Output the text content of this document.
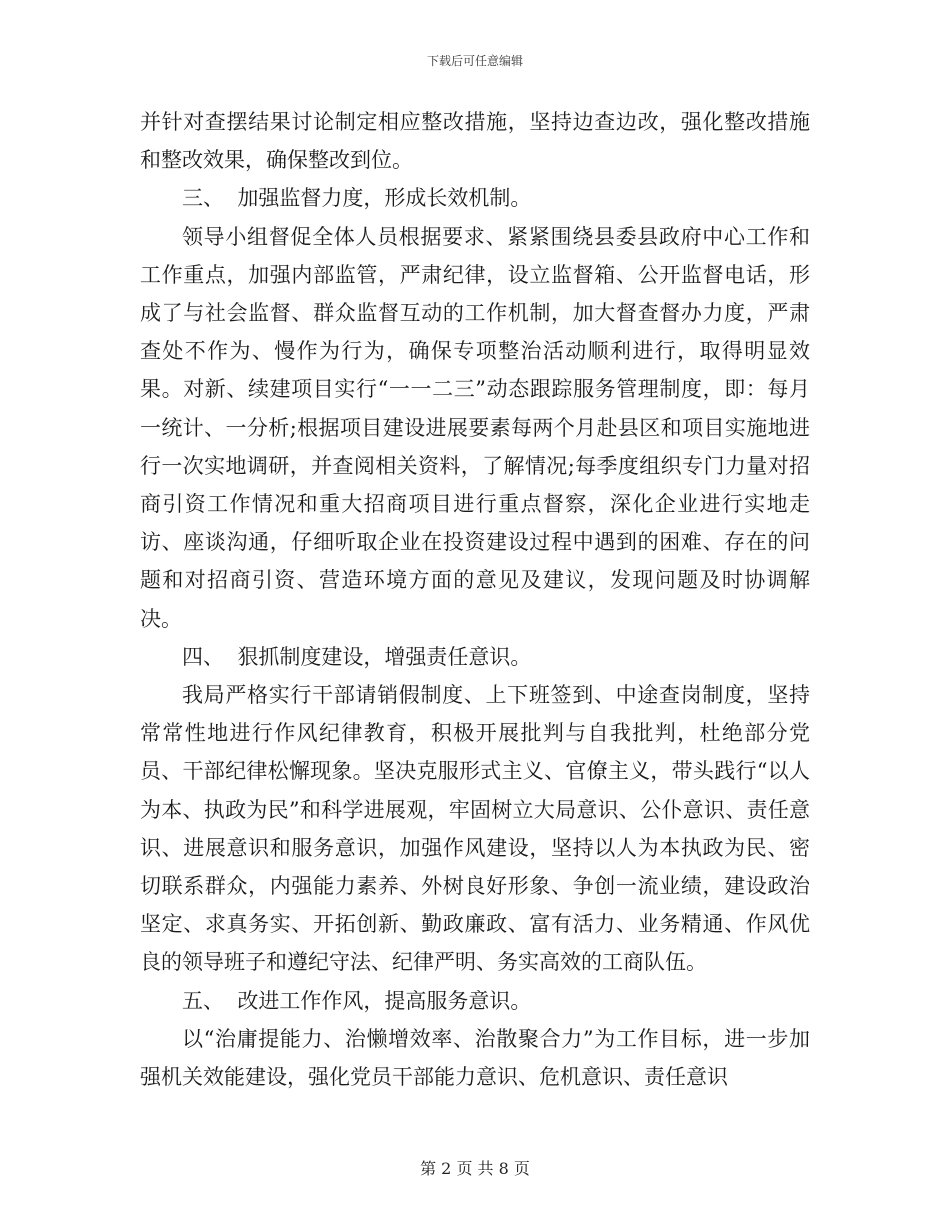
下载后可任意编辑

并针对查摆结果讨论制定相应整改措施，坚持边查边改，强化整改措施和整改效果，确保整改到位。

三、  加强监督力度，形成长效机制。

领导小组督促全体人员根据要求、紧紧围绕县委县政府中心工作和工作重点，加强内部监管，严肃纪律，设立监督箱、公开监督电话，形成了与社会监督、群众监督互动的工作机制，加大督查督办力度，严肃查处不作为、慢作为行为，确保专项整治活动顺利进行，取得明显效果。对新、续建项目实行“一一二三”动态跟踪服务管理制度，即：每月一统计、一分析;根据项目建设进展要素每两个月赴县区和项目实施地进行一次实地调研，并查阅相关资料，了解情况;每季度组织专门力量对招商引资工作情况和重大招商项目进行重点督察，深化企业进行实地走访、座谈沟通，仔细听取企业在投资建设过程中遇到的困难、存在的问题和对招商引资、营造环境方面的意见及建议，发现问题及时协调解决。

四、  狠抓制度建设，增强责任意识。

我局严格实行干部请销假制度、上下班签到、中途查岗制度，坚持常常性地进行作风纪律教育，积极开展批判与自我批判，杜绝部分党员、干部纪律松懈现象。坚决克服形式主义、官僚主义，带头践行“以人为本、执政为民”和科学进展观，牢固树立大局意识、公仆意识、责任意识、进展意识和服务意识，加强作风建设，坚持以人为本执政为民、密切联系群众，内强能力素养、外树良好形象、争创一流业绩，建设政治坚定、求真务实、开拓创新、勤政廉政、富有活力、业务精通、作风优良的领导班子和遵纪守法、纪律严明、务实高效的工商队伍。

五、  改进工作作风，提高服务意识。

以“治庸提能力、治懒增效率、治散聚合力”为工作目标，进一步加强机关效能建设，强化党员干部能力意识、危机意识、责任意识

第 2 页 共 8 页
